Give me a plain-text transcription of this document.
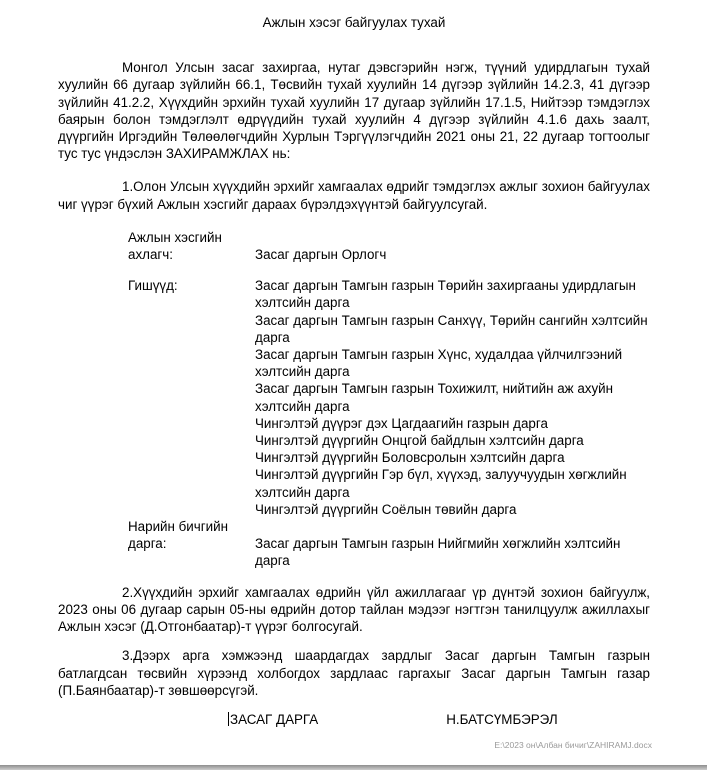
Ажлын хэсэг байгуулах тухай
Монгол Улсын засаг захиргаа, нутаг дэвсгэрийн нэгж, түүний удирдлагын тухай хуулийн 66 дугаар зүйлийн 66.1, Төсвийн тухай хуулийн 14 дүгээр зүйлийн 14.2.3, 41 дүгээр зүйлийн 41.2.2, Хүүхдийн эрхийн тухай хуулийн 17 дугаар зүйлийн 17.1.5, Нийтээр тэмдэглэх баярын болон тэмдэглэлт өдрүүдийн тухай хуулийн 4 дүгээр зүйлийн 4.1.6 дахь заалт, дүүргийн Иргэдийн Төлөөлөгчдийн Хурлын Тэргүүлэгчдийн 2021 оны 21, 22 дугаар тогтоолыг тус тус үндэслэн ЗАХИРАМЖЛАХ нь:
1.Олон Улсын хүүхдийн эрхийг хамгаалах өдрийг тэмдэглэх ажлыг зохион байгуулах чиг үүрэг бүхий Ажлын хэсгийг дараах бүрэлдэхүүнтэй байгуулсугай.
Ажлын хэсгийн
ахлагч:	Засаг даргын Орлогч
Гишүүд:	Засаг даргын Тамгын газрын Төрийн захиргааны удирдлагын хэлтсийн дарга
Засаг даргын Тамгын газрын Санхүү, Төрийн сангийн хэлтсийн дарга
Засаг даргын Тамгын газрын Хүнс, худалдаа үйлчилгээний хэлтсийн дарга
Засаг даргын Тамгын газрын Тохижилт, нийтийн аж ахуйн хэлтсийн дарга
Чингэлтэй дүүрэг дэх Цагдаагийн газрын дарга
Чингэлтэй дүүргийн Онцгой байдлын хэлтсийн дарга
Чингэлтэй дүүргийн Боловсролын хэлтсийн дарга
Чингэлтэй дүүргийн Гэр бүл, хүүхэд, залуучуудын хөгжлийн хэлтсийн дарга
Чингэлтэй дүүргийн Соёлын төвийн дарга
Нарийн бичгийн
дарга:	Засаг даргын Тамгын газрын Нийгмийн хөгжлийн хэлтсийн дарга
2.Хүүхдийн эрхийг хамгаалах өдрийн үйл ажиллагааг үр дүнтэй зохион байгуулж, 2023 оны 06 дугаар сарын 05-ны өдрийн дотор тайлан мэдээг нэгтгэн танилцуулж ажиллахыг Ажлын хэсэг (Д.Отгонбаатар)-т үүрэг болгосугай.
3.Дээрх арга хэмжээнд шаардагдах зардлыг Засаг даргын Тамгын газрын батлагдсан төсвийн хүрээнд холбогдох зардлаас гаргахыг Засаг даргын Тамгын газар (П.Баянбаатар)-т зөвшөөрсүгэй.
ЗАСАГ ДАРГА	Н.БАТСҮМБЭРЭЛ
E:\2023 он\Албан бичиг\ZAHIRAMJ.docx
